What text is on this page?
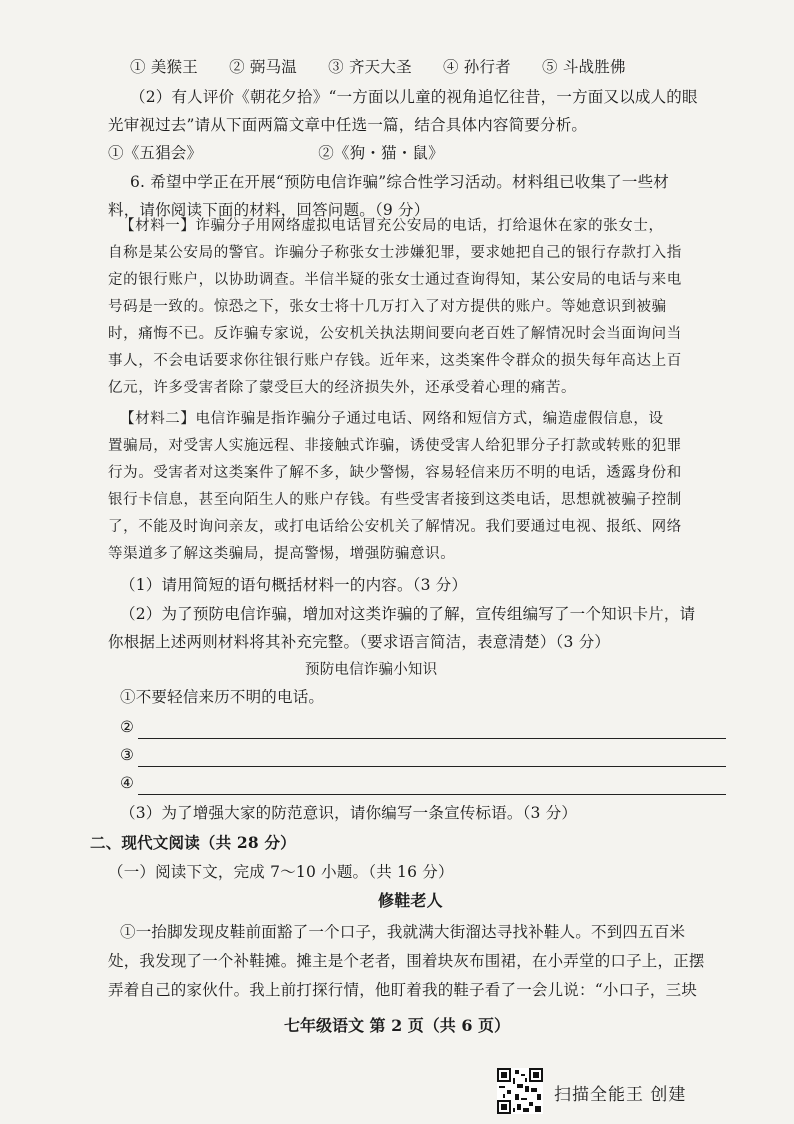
① 美猴王 ② 弼马温 ③ 齐天大圣 ④ 孙行者 ⑤ 斗战胜佛
（2）有人评价《朝花夕拾》“一方面以儿童的视角追忆往昔，一方面又以成人的眼
光审视过去”请从下面两篇文章中任选一篇，结合具体内容简要分析。
①《五猖会》	②《狗・猫・鼠》
6. 希望中学正在开展“预防电信诈骗”综合性学习活动。材料组已收集了一些材
料，请你阅读下面的材料，回答问题。（9 分）
【材料一】诈骗分子用网络虚拟电话冒充公安局的电话，打给退休在家的张女士，
自称是某公安局的警官。诈骗分子称张女士涉嫌犯罪，要求她把自己的银行存款打入指
定的银行账户，以协助调查。半信半疑的张女士通过查询得知，某公安局的电话与来电
号码是一致的。惊恐之下，张女士将十几万打入了对方提供的账户。等她意识到被骗
时，痛悔不已。反诈骗专家说，公安机关执法期间要向老百姓了解情况时会当面询问当
事人，不会电话要求你往银行账户存钱。近年来，这类案件令群众的损失每年高达上百
亿元，许多受害者除了蒙受巨大的经济损失外，还承受着心理的痛苦。
【材料二】电信诈骗是指诈骗分子通过电话、网络和短信方式，编造虚假信息，设
置骗局，对受害人实施远程、非接触式诈骗，诱使受害人给犯罪分子打款或转账的犯罪
行为。受害者对这类案件了解不多，缺少警惕，容易轻信来历不明的电话，透露身份和
银行卡信息，甚至向陌生人的账户存钱。有些受害者接到这类电话，思想就被骗子控制
了，不能及时询问亲友，或打电话给公安机关了解情况。我们要通过电视、报纸、网络
等渠道多了解这类骗局，提高警惕，增强防骗意识。
（1）请用简短的语句概括材料一的内容。（3 分）
（2）为了预防电信诈骗，增加对这类诈骗的了解，宣传组编写了一个知识卡片，请
你根据上述两则材料将其补充完整。（要求语言简洁，表意清楚）（3 分）
预防电信诈骗小知识
①不要轻信来历不明的电话。
②
③
④
（3）为了增强大家的防范意识，请你编写一条宣传标语。（3 分）
二、现代文阅读（共 28 分）
（一）阅读下文，完成 7～10 小题。（共 16 分）
修鞋老人
①一抬脚发现皮鞋前面豁了一个口子，我就满大街溜达寻找补鞋人。不到四五百米
处，我发现了一个补鞋摊。摊主是个老者，围着块灰布围裙，在小弄堂的口子上，正摆
弄着自己的家伙什。我上前打探行情，他盯着我的鞋子看了一会儿说：“小口子，三块
七年级语文 第 2 页（共 6 页）
扫描全能王 创建
